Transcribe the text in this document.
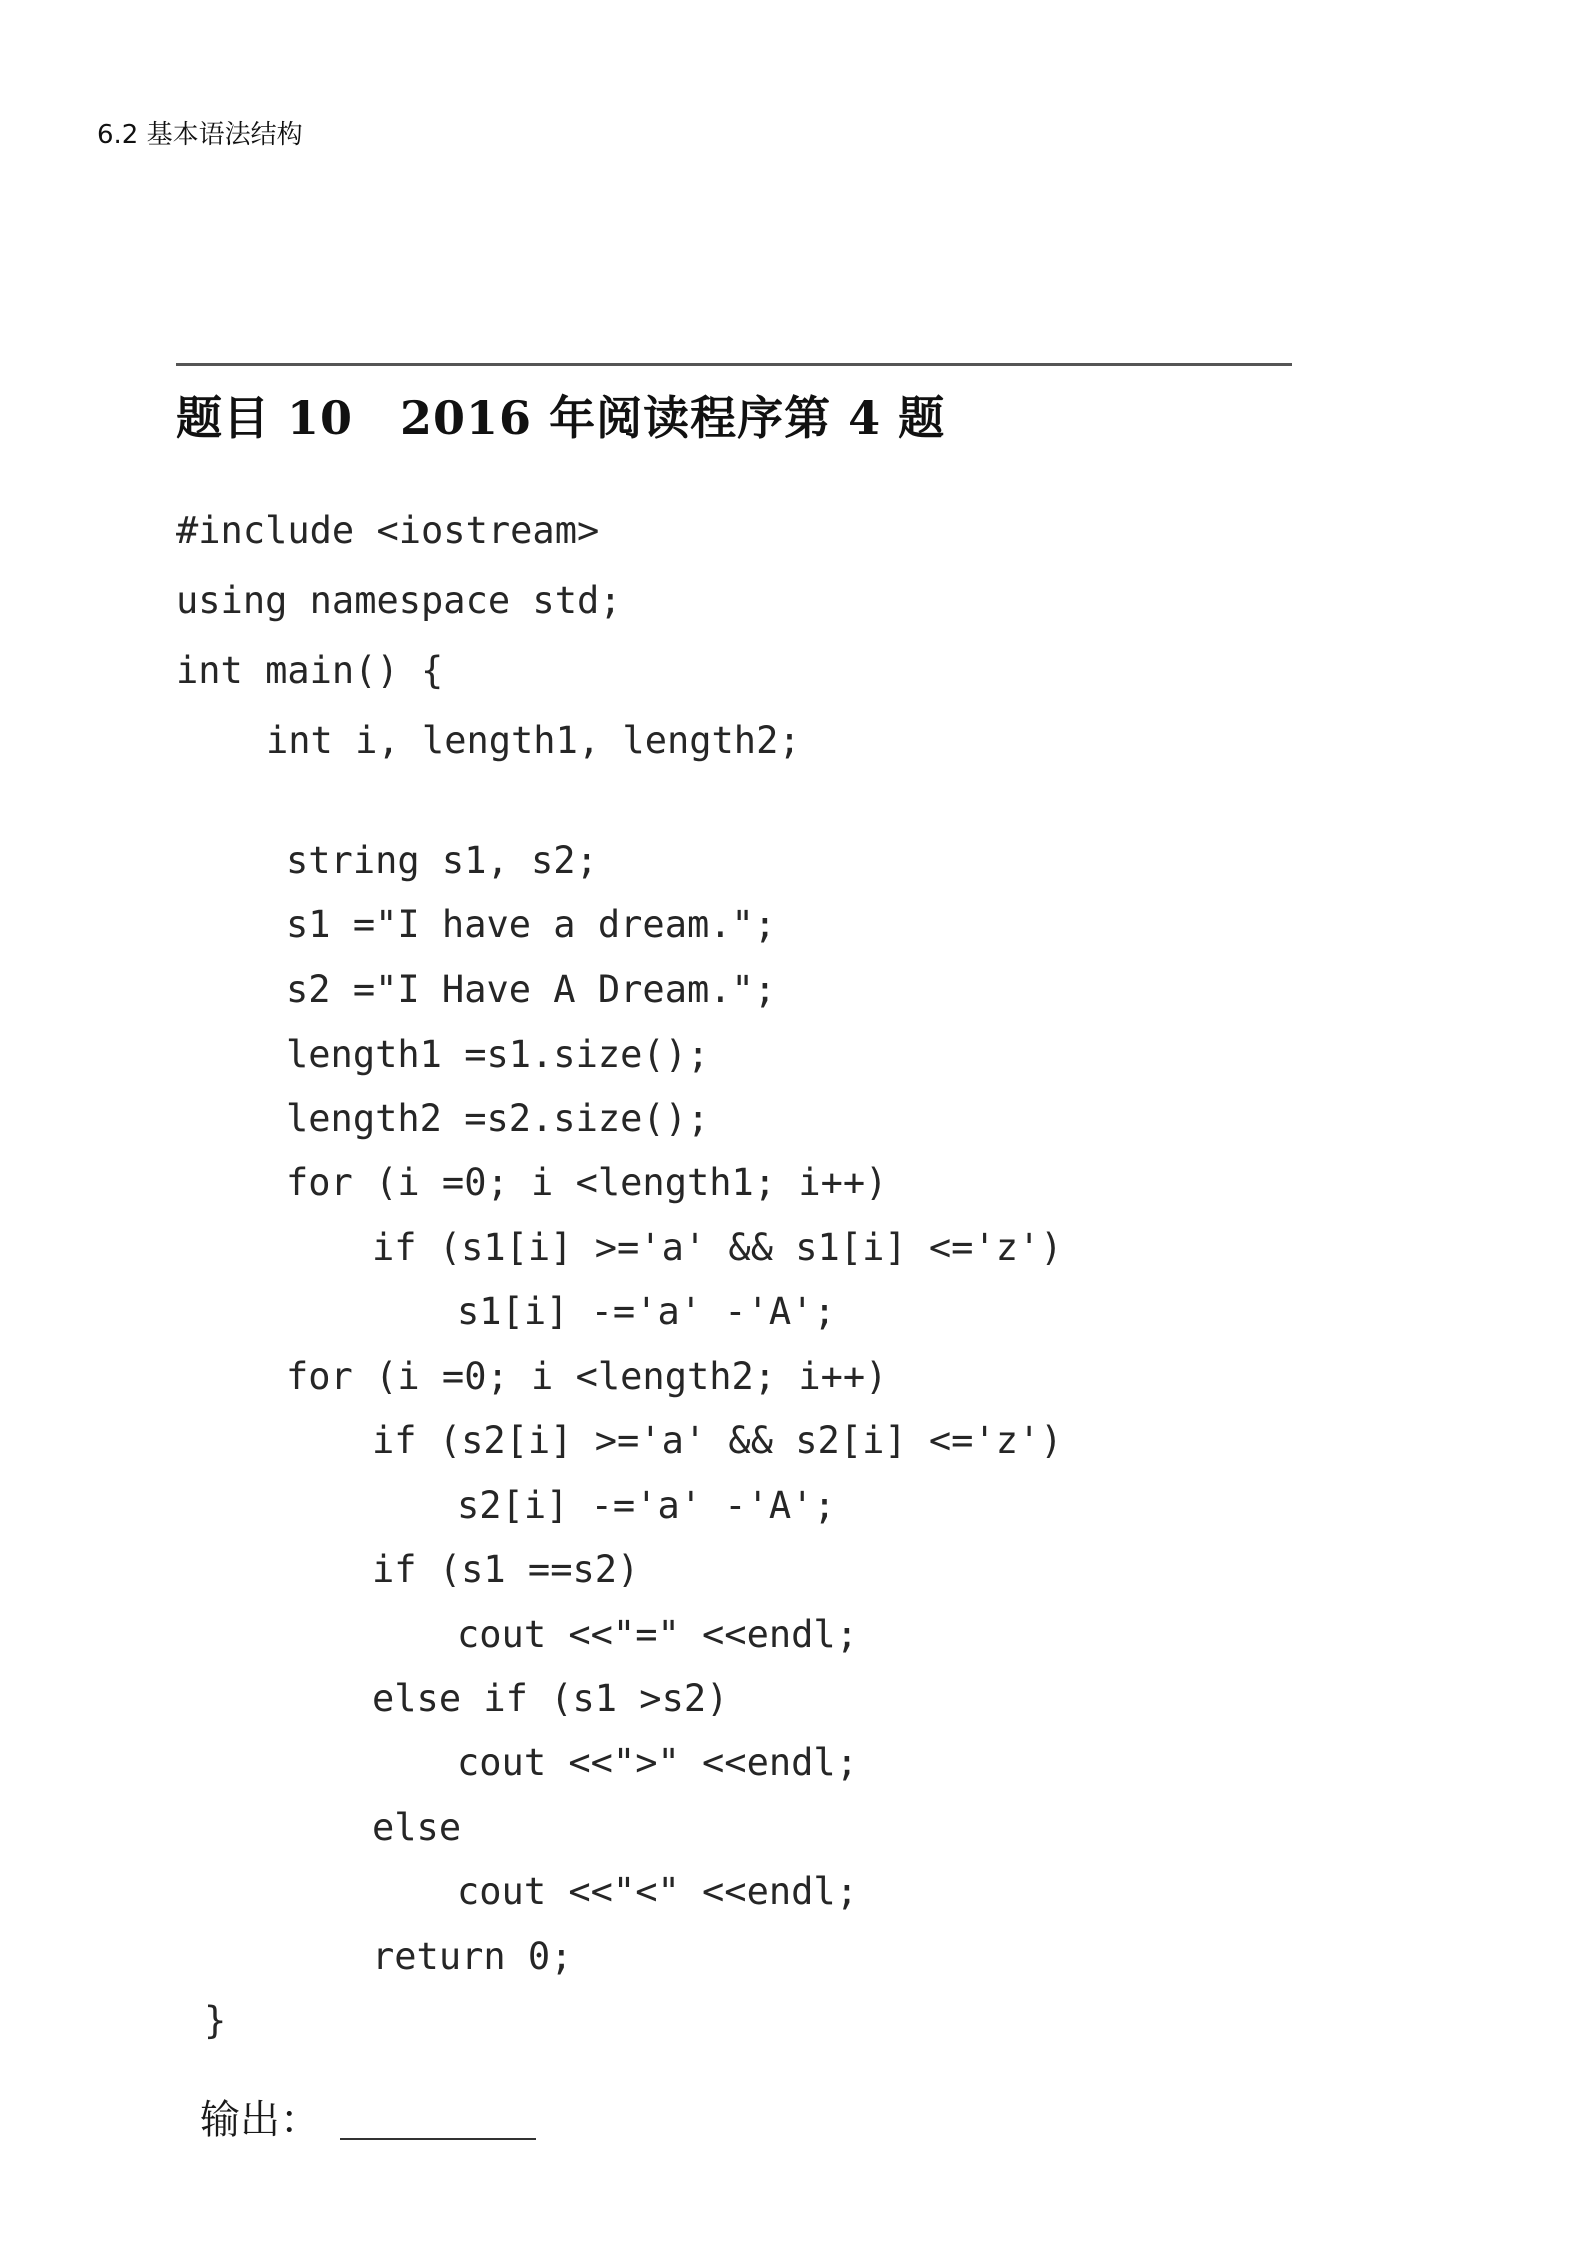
6.2 基本语法结构
题目 10　2016 年阅读程序第 4 题
#include <iostream>
using namespace std;
int main() {
int i, length1, length2;
string s1, s2;
s1 ="I have a dream.";
s2 ="I Have A Dream.";
length1 =s1.size();
length2 =s2.size();
for (i =0; i <length1; i++)
if (s1[i] >='a' && s1[i] <='z')
s1[i] -='a' -'A';
for (i =0; i <length2; i++)
if (s2[i] >='a' && s2[i] <='z')
s2[i] -='a' -'A';
if (s1 ==s2)
cout <<"=" <<endl;
else if (s1 >s2)
cout <<">" <<endl;
else
cout <<"<" <<endl;
return 0;
}
输出：
